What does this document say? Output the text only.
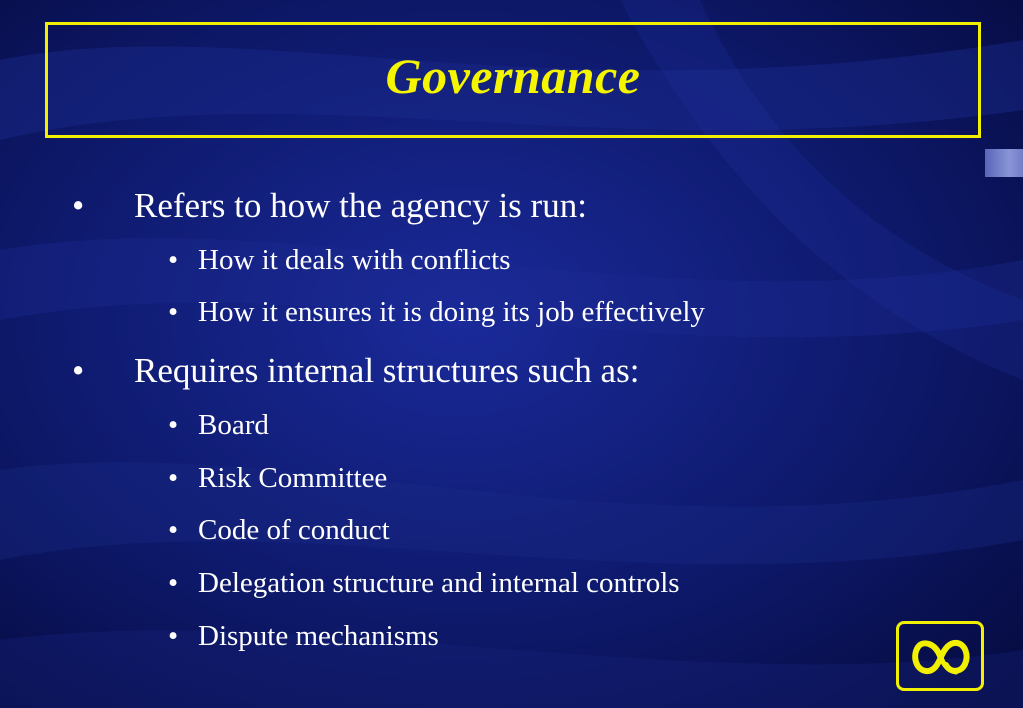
Governance
• Refers to how the agency is run:
• How it deals with conflicts
• How it ensures it is doing its job effectively
• Requires internal structures such as:
• Board
• Risk Committee
• Code of conduct
• Delegation structure and internal controls
• Dispute mechanisms
